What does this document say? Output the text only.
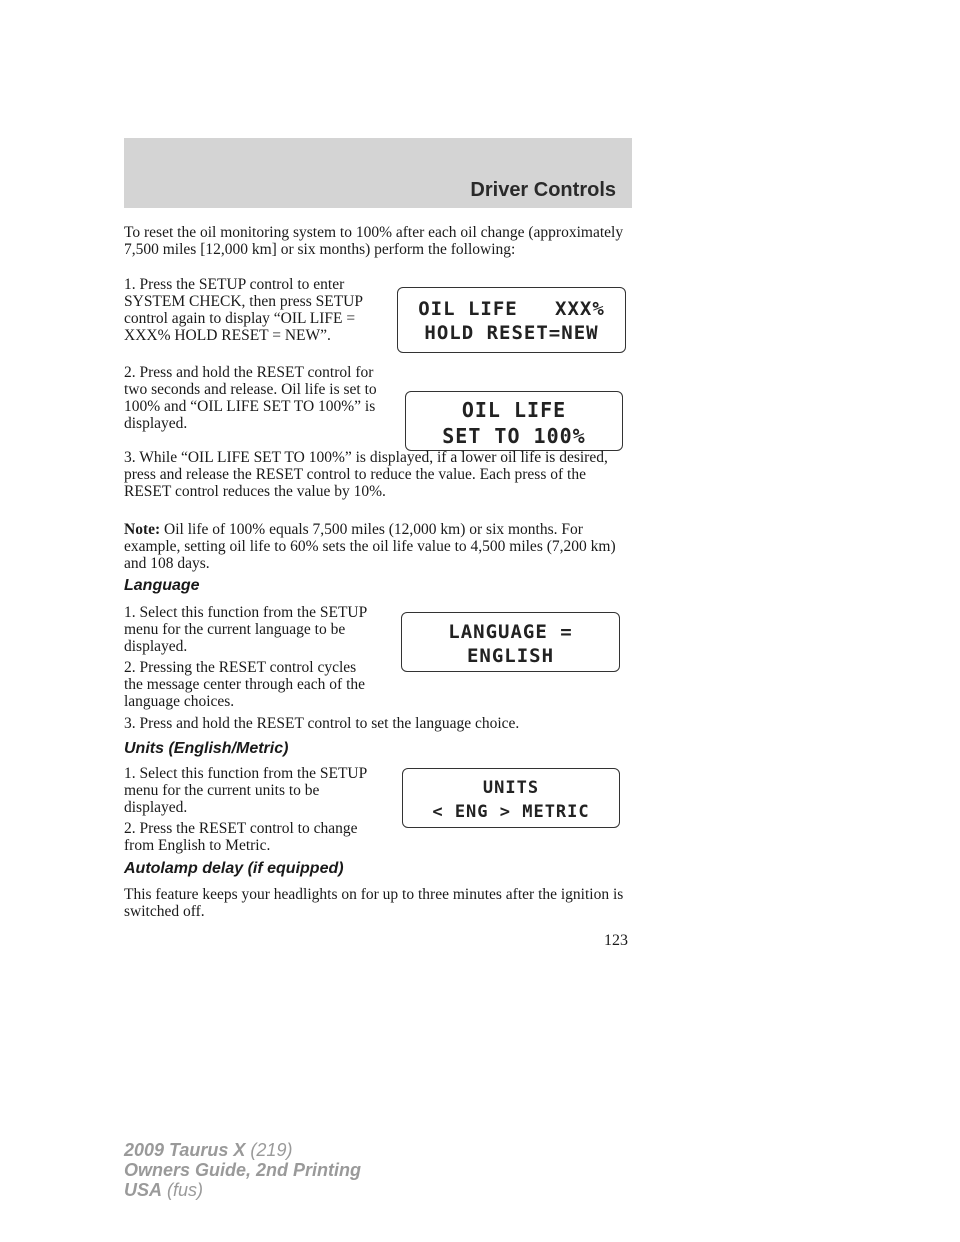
Driver Controls

To reset the oil monitoring system to 100% after each oil change (approximately 7,500 miles [12,000 km] or six months) perform the following:

1. Press the SETUP control to enter SYSTEM CHECK, then press SETUP control again to display “OIL LIFE = XXX% HOLD RESET = NEW”.

OIL LIFE   XXX%
HOLD RESET=NEW

2. Press and hold the RESET control for two seconds and release. Oil life is set to 100% and “OIL LIFE SET TO 100%” is displayed.

OIL LIFE
SET TO 100%

3. While “OIL LIFE SET TO 100%” is displayed, if a lower oil life is desired, press and release the RESET control to reduce the value. Each press of the RESET control reduces the value by 10%.

Note: Oil life of 100% equals 7,500 miles (12,000 km) or six months. For example, setting oil life to 60% sets the oil life value to 4,500 miles (7,200 km) and 108 days.

Language

1. Select this function from the SETUP menu for the current language to be displayed.

LANGUAGE =
ENGLISH

2. Pressing the RESET control cycles the message center through each of the language choices.

3. Press and hold the RESET control to set the language choice.

Units (English/Metric)

1. Select this function from the SETUP menu for the current units to be displayed.

UNITS
< ENG > METRIC

2. Press the RESET control to change from English to Metric.

Autolamp delay (if equipped)

This feature keeps your headlights on for up to three minutes after the ignition is switched off.

123
2009 Taurus X (219)
Owners Guide, 2nd Printing
USA (fus)
